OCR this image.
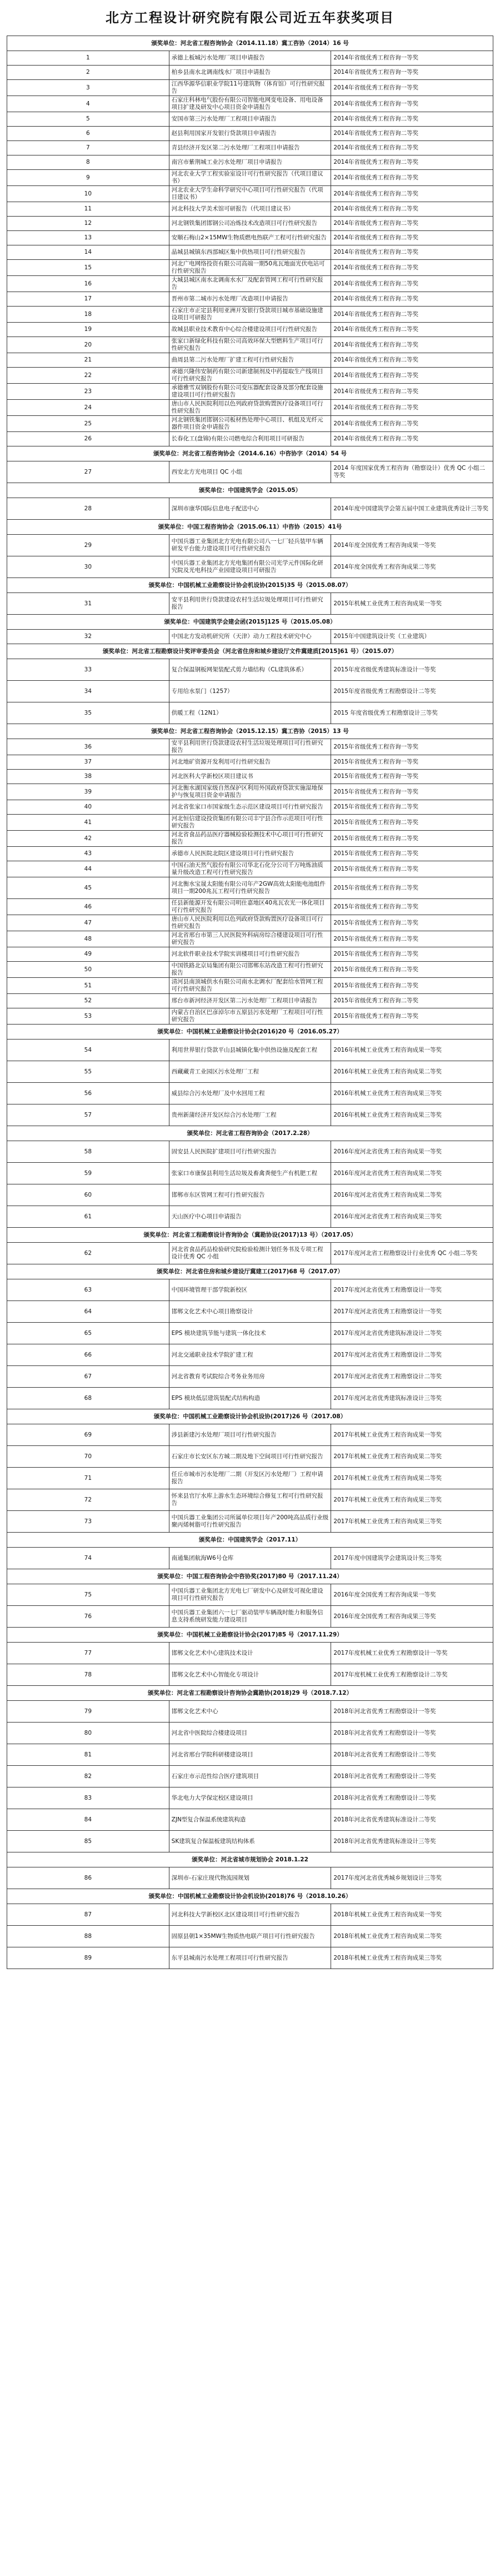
北方工程设计研究院有限公司近五年获奖项目
颁奖单位：河北省工程咨询协会（2014.11.18）冀工咨协（2014）16 号		
1	承德上板城污水处理厂项目申请报告	2014年省级优秀工程咨询一等奖
2	柏乡县南水北调南线水厂项目申请报告	2014年省级优秀工程咨询一等奖
3	江西华源华信职业学院11号建筑物（体育馆）可行性研究报告	2014年省级优秀工程咨询一等奖
4	石家庄科林电气股份有限公司智能电网变电设备、用电设备项目扩建及研发中心项目资金申请报告	2014年省级优秀工程咨询一等奖
5	安国市第三污水处理厂工程项目申请报告	2014年省级优秀工程咨询二等奖
6	赵县利用国家开发银行贷款项目申请报告	2014年省级优秀工程咨询二等奖
7	青县经济开发区第二污水处理厂工程项目申请报告	2014年省级优秀工程咨询二等奖
8	南宫市紫荆城工业污水处理厂项目申请报告	2014年省级优秀工程咨询二等奖
9	河北农业大学工程实验室设计可行性研究报告（代项目建议书）	2014年省级优秀工程咨询二等奖
10	河北农业大学生命科学研究中心项目可行性研究报告（代项目建议书）	2014年省级优秀工程咨询二等奖
11	河北科技大学美术馆可研报告（代项目建议书）	2014年省级优秀工程咨询二等奖
12	河北钢铁集团邯钢公司冶炼技术改造项目可行性研究报告	2014年省级优秀工程咨询二等奖
13	安顺石梅山2×15MW生物质燃电热联产工程可行性研究报告	2014年省级优秀工程咨询二等奖
14	晶城县城镇东西部城区集中供热项目可行性研究报告	2014年省级优秀工程咨询二等奖
15	河北广电网络投资有限公司高端一期50兆瓦地面光伏电站可行性研究报告	2014年省级优秀工程咨询二等奖
16	大城县城区南水北调南水水厂及配套管网工程可行性研究报告	2014年省级优秀工程咨询二等奖
17	晋州市第二城市污水处理厂改造项目申请报告	2014年省级优秀工程咨询二等奖
18	石家庄市正定县利用亚洲开发银行贷款项目城市基础设施建设项目可研报告	2014年省级优秀工程咨询二等奖
19	故城县职业技术教育中心综合楼建设项目可行性研究报告	2014年省级优秀工程咨询二等奖
20	张家口新绿化科技有限公司高效环保大型燃料生产项目可行性研究报告	2014年省级优秀工程咨询二等奖
21	曲周县第二污水处理厂扩建工程可行性研究报告	2014年省级优秀工程咨询二等奖
22	承德兴隆伟安制药有限公司新建制剂及中药提取生产线项目可行性研究报告	2014年省级优秀工程咨询二等奖
23	承德雅雪双钢股份有限公司变压器配套设备及部分配套设施建设项目可行性研究报告	2014年省级优秀工程咨询二等奖
24	唐山市人民医院利用以色列政府贷款购置医疗设备项目可行性研究报告	2014年省级优秀工程咨询二等奖
25	河北钢铁集团邯钢公司板材热处理中心项目、机组及光纤元器件项目资金申请报告	2014年省级优秀工程咨询二等奖
26	长春化工(盘锦)有限公司燃电综合利用项目可研报告	2014年省级优秀工程咨询二等奖
颁奖单位：河北省工程咨询协会（2014.6.16）中咨协字（2014）54 号		
27	西安北方光电项目 QC 小组	2014 年度国家优秀工程咨询（勘察设计）优秀 QC 小组二等奖
颁奖单位：中国建筑学会（2015.05）		
28	深圳市康华国际信息电子配送中心	2014年度中国建筑学会第五届中国工业建筑优秀设计三等奖
颁奖单位：中国工程咨询协会（2015.06.11）中咨协（2015）41号		
29	中国兵器工业集团北方光电有限公司八一七厂轻兵装甲车辆研发平台能力建设项目可行性研究报告	2014年度全国优秀工程咨询成果一等奖
30	中国兵器工业集团北方光电集团有限公司光学元件国际化研究院及光电科技产业园建设项目可研报告	2014年度全国优秀工程咨询成果二等奖
颁奖单位：中国机械工业勘察设计协会机设协(2015)35 号（2015.08.07）		
31	安平县利用世行贷款建设农村生活垃圾处理项目可行性研究报告	2015年机械工业优秀工程咨询成果一等奖
颁奖单位：中国建筑学会建会函(2015]125 号（2015.05.08）		
32	中国北方发动机研究所（天津）动力工程技术研究中心	2015年中国建筑设计奖（工业建筑）
颁奖单位：河北省工程勘察设计奖评审委员会（河北省住房和城乡建设厅文件冀建质[2015]61 号）（2015.07）		
33	复合保温钢板网架装配式剪力墙结构（CL建筑体系）	2015年度省级优秀建筑标准设计一等奖
34	专用给水泵门（1257）	2015年度省级优秀工程勘察设计二等奖
35	供暖工程（12N1）	2015 年度省级优秀工程勘察设计三等奖
颁奖单位：河北省工程咨询协会（2015.12.15）冀工咨协（2015）13 号		
36	安平县利用世行贷款建设农村生活垃圾处理项目可行性研究报告	2015年省级优秀工程咨询一等奖
37	河北地矿资源开发利用可行性研究报告	2015年省级优秀工程咨询一等奖
38	河北医科大学新校区项目建议书	2015年省级优秀工程咨询一等奖
39	河北衡水湖国家级自然保护区利用外国政府贷款实施湿地保护与恢复项目资金申请报告	2015年省级优秀工程咨询一等奖
40	河北省张家口市国家级生态示范区建设项目可行性研究报告	2015年省级优秀工程咨询二等奖
41	河北恒信建设投资集团有限公司丰宁县合作示范项目可行性研究报告	2015年省级优秀工程咨询二等奖
42	河北省食品药品医疗器械检验检测技术中心项目可行性研究报告	2015年省级优秀工程咨询二等奖
43	承德市人民医院北院区建设项目可行性研究报告	2015年省级优秀工程咨询二等奖
44	中国石油天然气股份有限公司华北石化分公司千万吨炼油质量升级改造工程可行性研究报告	2015年省级优秀工程咨询二等奖
45	河北衡水宝晟太阳能有限公司年产2GW高效太阳能电池组件项目一期200兆瓦工程可行性研究报告	2015年省级优秀工程咨询二等奖
46	任县新能源开发有限公司明仕嘉地区40兆瓦农光一体化项目可行性研究报告	2015年省级优秀工程咨询二等奖
47	唐山市人民医院利用以色列政府贷款购置医疗设备项目可行性研究报告	2015年省级优秀工程咨询二等奖
48	河北省邢台市第三人民医院外科病房综合楼建设项目可行性研究报告	2015年省级优秀工程咨询二等奖
49	河北软件职业技术学院实训楼项目可行性研究报告	2015年省级优秀工程咨询二等奖
50	中国铁路北京局集团有限公司邯郸东站改造工程可行性研究报告	2015年省级优秀工程咨询二等奖
51	清河县南顶城供水有限公司南水北调水厂配套给水管网工程可行性研究报告	2015年省级优秀工程咨询二等奖
52	邢台市新河经济开发区第二污水处理厂工程项目申请报告	2015年省级优秀工程咨询二等奖
53	内蒙古自治区巴彦淖尔市五原县污水处理厂工程项目可行性研究报告	2015年省级优秀工程咨询二等奖
颁奖单位：中国机械工业勘察设计协会(2016)20 号（2016.05.27）		
54	利用世界银行贷款平山县城镇化集中供热设施及配套工程	2016年机械工业优秀工程咨询成果一等奖
55	西藏藏青工业园区污水处理厂工程	2016年机械工业优秀工程咨询成果二等奖
56	威县综合污水处理厂及中水回用工程	2016年机械工业优秀工程咨询成果三等奖
57	贵州新蒲经济开发区综合污水处理厂工程	2016年机械工业优秀工程咨询成果三等奖
颁奖单位：河北省工程咨询协会（2017.2.28）		
58	固安县人民医院扩建项目可行性研究报告	2016年度河北省优秀工程咨询成果一等奖
59	张家口市康保县利用生活垃圾及畜禽粪便生产有机肥工程	2016年度河北省优秀工程咨询成果二等奖
60	邯郸市东区管网工程可行性研究报告	2016年度河北省优秀工程咨询成果二等奖
61	天山医疗中心项目申请报告	2016年度河北省优秀工程咨询成果三等奖
颁奖单位：河北省工程勘察设计咨询协会（冀勘协设(2017)13 号）（2017.05）		
62	河北省食品药品检验研究院检验检测计划任务书及专项工程设计优秀 QC 小组	2017年度河北省工程勘察设计行业优秀 QC 小组二等奖
颁奖单位：河北省住房和城乡建设厅冀建工(2017)68 号（2017.07）		
63	中国环境管理干部学院新校区	2017年度河北省优秀工程勘察设计一等奖
64	邯郸文化艺术中心项目勘察设计	2017年度河北省优秀工程勘察设计一等奖
65	EPS 模块建筑节能与建筑一体化技术	2017年度河北省优秀建筑标准设计二等奖
66	河北交通职业技术学院扩建工程	2017年度河北省优秀工程勘察设计二等奖
67	河北省教育考试院综合考务业务用房	2017年度河北省优秀工程勘察设计二等奖
68	EPS 模块低层建筑装配式结构构造	2017年度河北省优秀建筑标准设计三等奖
颁奖单位：中国机械工业勘察设计协会机设协(2017)26 号（2017.08）		
69	涉县新建污水处理厂项目可行性研究报告	2017年机械工业优秀工程咨询成果一等奖
70	石家庄市长安区东方城二期及地下空间项目可行性研究报告	2017年机械工业优秀工程咨询成果二等奖
71	任丘市城市污水处理厂二期（开发区污水处理厂）工程申请报告	2017年机械工业优秀工程咨询成果二等奖
72	怀来县官厅水库上游水生态环境综合修复工程可行性研究报告	2017年机械工业优秀工程咨询成果三等奖
73	中国兵器工业集团公司所属单位项目年产200吨高品质行业级聚丙烯树脂可行性研究报告	2017年机械工业优秀工程咨询成果三等奖
颁奖单位：中国建筑学会（2017.11）		
74	南通集团航海W6号仓库	2017年度中国建筑学会建筑设计奖三等奖
颁奖单位：中国工程咨询协会中咨协奖(2017)80 号（2017.11.24）		
75	中国兵器工业集团北方光电七厂研发中心及研发可视化建设项目可行性研究报告	2016年度全国优秀工程咨询成果一等奖
76	中国兵器工业集团六一七厂驱动装甲车辆战时能力和服务信息支持系统研发能力建设项目	2016年度全国优秀工程咨询成果三等奖
颁奖单位：中国机械工业勘察设计协会(2017)85 号（2017.11.29）		
77	邯郸文化艺术中心建筑技术设计	2017年度机械工业优秀工程勘察设计一等奖
78	邯郸文化艺术中心智能化专项设计	2017年度机械工业优秀工程勘察设计二等奖
颁奖单位：河北省工程勘察设计咨询协会冀勘协(2018)29 号（2018.7.12）		
79	邯郸文化艺术中心	2018年河北省优秀工程勘察设计一等奖
80	河北省中医院综合楼建设项目	2018年河北省优秀工程勘察设计一等奖
81	河北省邢台学院科研楼建设项目	2018年河北省优秀工程勘察设计二等奖
82	石家庄市示范性综合医疗建筑项目	2018年河北省优秀工程勘察设计二等奖
83	华北电力大学保定校区建设项目	2018年河北省优秀工程勘察设计二等奖
84	ZJN型复合保温系统建筑构造	2018年河北省优秀建筑标准设计二等奖
85	SK建筑复合保温板建筑结构体系	2018年河北省优秀建筑标准设计三等奖
颁奖单位：河北省城市规划协会 2018.1.22		
86	深圳市-石家庄现代物流园规划	2017年度河北省优秀城乡规划设计三等奖
颁奖单位：中国机械工业勘察设计协会机设协(2018)76 号（2018.10.26）		
87	河北科技大学新校区北区建设项目可行性研究报告	2018年机械工业优秀工程咨询成果一等奖
88	固原县朝1×35MW生物质热电联产项目可行性研究报告	2018年机械工业优秀工程咨询成果二等奖
89	东平县城南污水处理工程项目可行性研究报告	2018年机械工业优秀工程咨询成果三等奖
